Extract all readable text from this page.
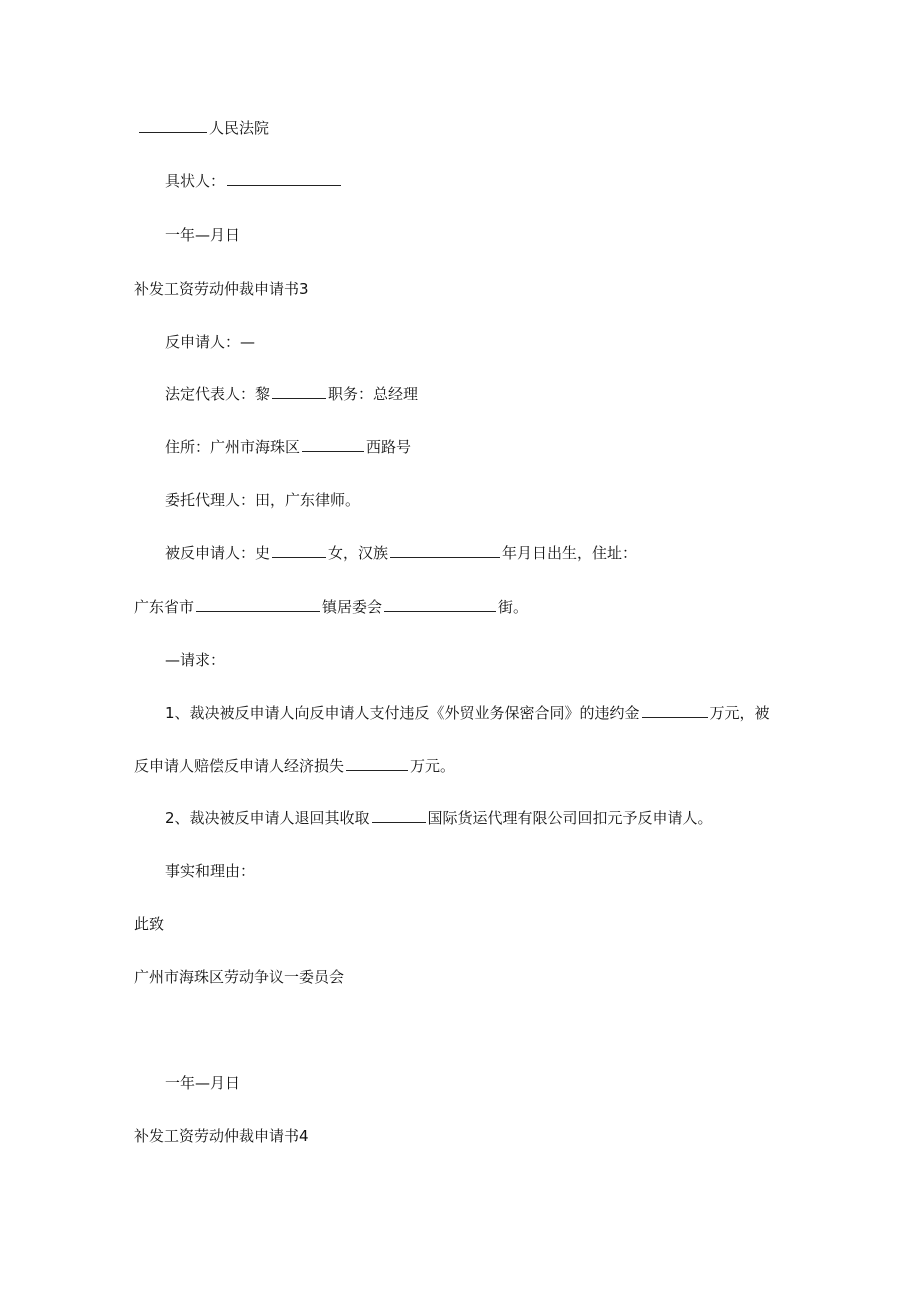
人民法院
具状人：
一年—月日
补发工资劳动仲裁申请书3
反申请人：—
法定代表人：黎	职务：总经理
住所：广州市海珠区	西路号
委托代理人：田，广东律师。
被反申请人：史	女，汉族	年月日出生，住址：
广东省市	镇居委会	街。
—请求：
1、裁决被反申请人向反申请人支付违反《外贸业务保密合同》的违约金	万元，被
反申请人赔偿反申请人经济损失	万元。
2、裁决被反申请人退回其收取	国际货运代理有限公司回扣元予反申请人。
事实和理由：
此致
广州市海珠区劳动争议一委员会
一年—月日
补发工资劳动仲裁申请书4
